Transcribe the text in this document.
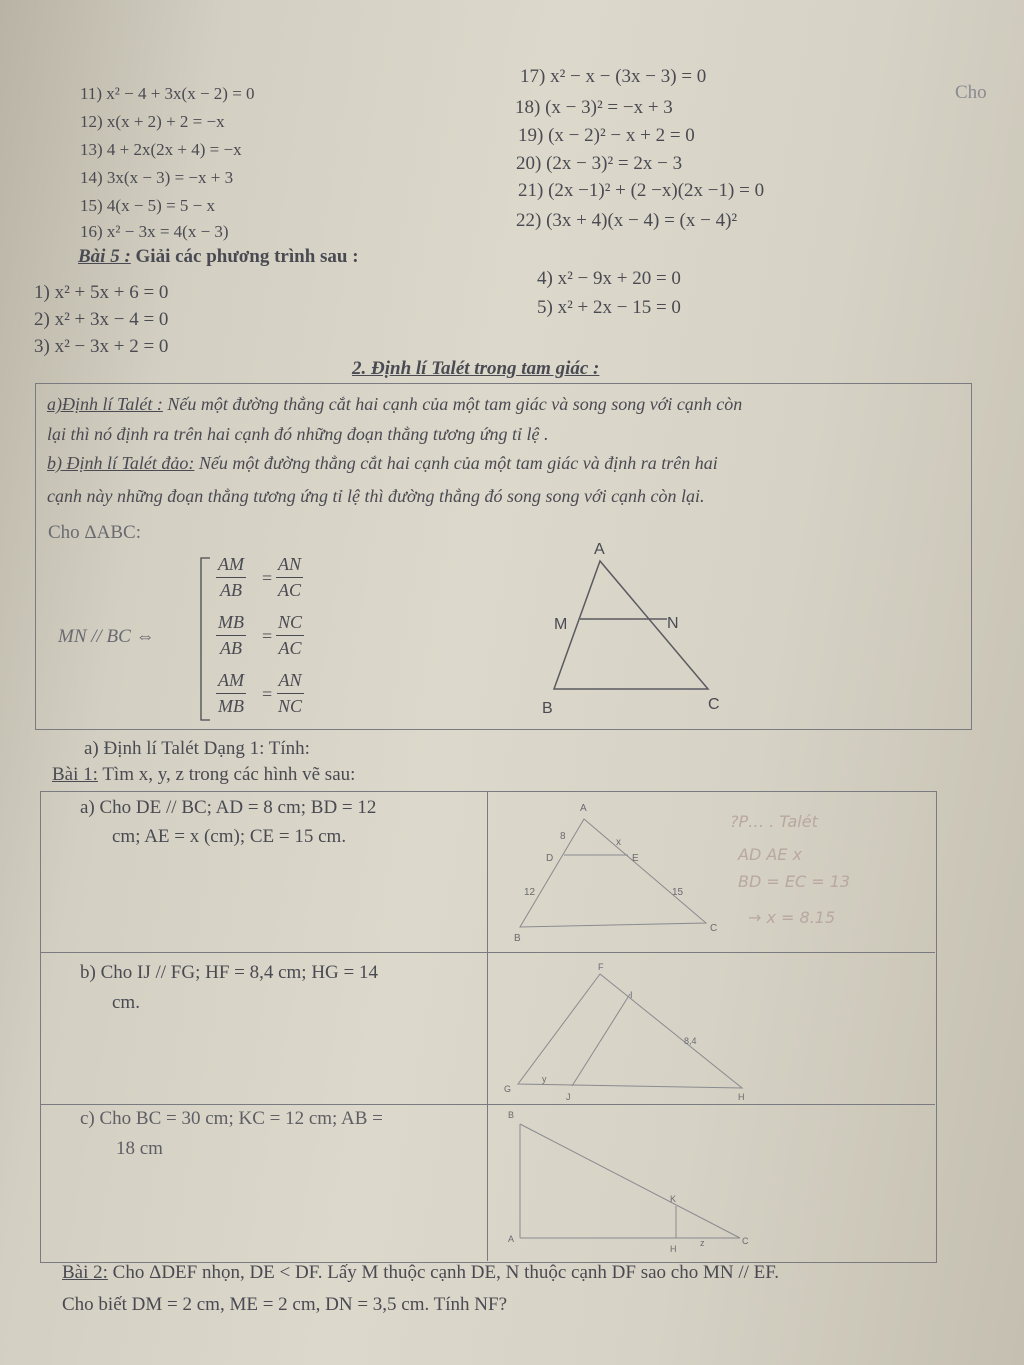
11) x² − 4 + 3x(x − 2) = 0
12) x(x + 2) + 2 = −x
13) 4 + 2x(2x + 4) = −x
14) 3x(x − 3) = −x + 3
15) 4(x − 5) = 5 − x
16) x² − 3x = 4(x − 3)
17) x² − x − (3x − 3) = 0
18) (x − 3)² = −x + 3
19) (x − 2)² − x + 2 = 0
20) (2x − 3)² = 2x − 3
21) (2x −1)² + (2 −x)(2x −1) = 0
22) (3x + 4)(x − 4) = (x − 4)²
Cho
Bài 5 : Giải các phương trình sau :
1) x² + 5x + 6 = 0
2) x² + 3x − 4 = 0
3) x² − 3x + 2 = 0
4) x² − 9x + 20 = 0
5) x² + 2x − 15 = 0
2. Định lí Talét trong tam giác :
a)Định lí Talét : Nếu một đường thẳng cắt hai cạnh của một tam giác và song song với cạnh còn
lại thì nó định ra trên hai cạnh đó những đoạn thẳng tương ứng tỉ lệ .
b) Định lí Talét đảo: Nếu một đường thẳng cắt hai cạnh của một tam giác và định ra trên hai
cạnh này những đoạn thẳng tương ứng tỉ lệ thì đường thẳng đó song song với cạnh còn lại.
Cho ΔABC:
MN // BC ⇔
$\frac{AM}{AB} = \frac{AN}{AC}$
$\frac{MB}{AB} = \frac{NC}{AC}$
$\frac{AM}{MB} = \frac{AN}{NC}$
A
M	N
B	C
a) Định lí Talét Dạng 1: Tính:
Bài 1: Tìm x, y, z trong các hình vẽ sau:
a) Cho DE // BC; AD = 8 cm; BD = 12
cm; AE = x (cm); CE = 15 cm.
b) Cho IJ // FG; HF = 8,4 cm; HG = 14
cm.
c) Cho BC = 30 cm; KC = 12 cm; AB =
18 cm
A
D	E
B
C
8
x
12	15
F
I
G
J	H
8,4
y
B
A
K
H
z	C
?P… . Talét
AD AE x
BD = EC = 13
→ x = 8.15
Bài 2: Cho ΔDEF nhọn, DE < DF. Lấy M thuộc cạnh DE, N thuộc cạnh DF sao cho MN // EF.
Cho biết DM = 2 cm, ME = 2 cm, DN = 3,5 cm. Tính NF?
